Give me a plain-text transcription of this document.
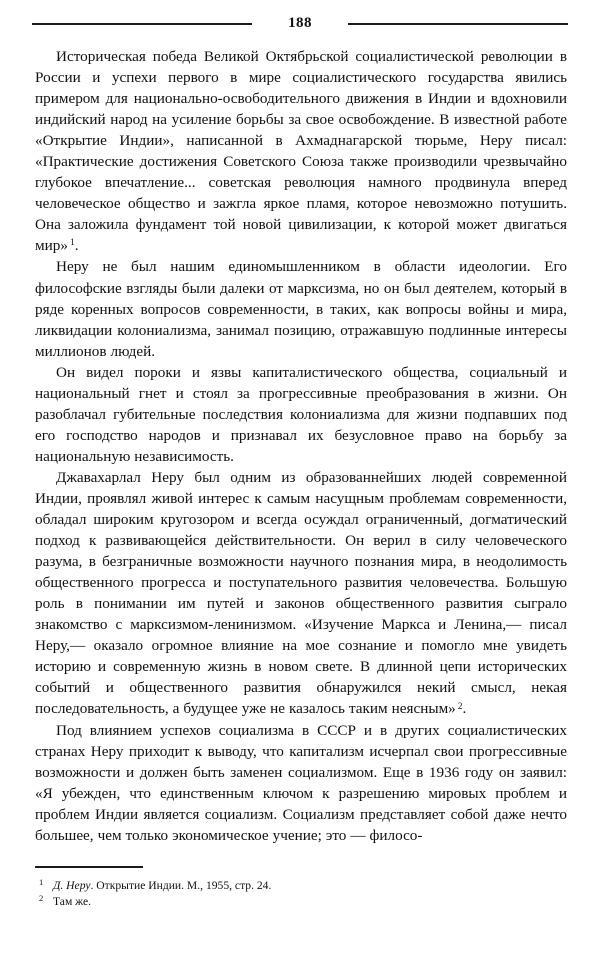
188

Историческая победа Великой Октябрьской социалистической революции в России и успехи первого в мире социалистического государства явились примером для национально-освободительного движения в Индии и вдохновили индийский народ на усиление борьбы за свое освобождение. В известной работе «Открытие Индии», написанной в Ахмаднагарской тюрьме, Неру писал: «Практические достижения Советского Союза также производили чрезвычайно глубокое впечатление... советская революция намного продвинула вперед человеческое общество и зажгла яркое пламя, которое невозможно потушить. Она заложила фундамент той новой цивилизации, к которой может двигаться мир» $^1$.

Неру не был нашим единомышленником в области идеологии. Его философские взгляды были далеки от марксизма, но он был деятелем, который в ряде коренных вопросов современности, в таких, как вопросы войны и мира, ликвидации колониализма, занимал позицию, отражавшую подлинные интересы миллионов людей.

Он видел пороки и язвы капиталистического общества, социальный и национальный гнет и стоял за прогрессивные преобразования в жизни. Он разоблачал губительные последствия колониализма для жизни подпавших под его господство народов и признавал их безусловное право на борьбу за национальную независимость.

Джавахарлал Неру был одним из образованнейших людей современной Индии, проявлял живой интерес к самым насущным проблемам современности, обладал широким кругозором и всегда осуждал ограниченный, догматический подход к развивающейся действительности. Он верил в силу человеческого разума, в безграничные возможности научного познания мира, в неодолимость общественного прогресса и поступательного развития человечества. Большую роль в понимании им путей и законов общественного развития сыграло знакомство с марксизмом-ленинизмом. «Изучение Маркса и Ленина,— писал Неру,— оказало огромное влияние на мое сознание и помогло мне увидеть историю и современную жизнь в новом свете. В длинной цепи исторических событий и общественного развития обнаружился некий смысл, некая последовательность, а будущее уже не казалось таким неясным» $^2$.

Под влиянием успехов социализма в СССР и в других социалистических странах Неру приходит к выводу, что капитализм исчерпал свои прогрессивные возможности и должен быть заменен социализмом. Еще в 1936 году он заявил: «Я убежден, что единственным ключом к разрешению мировых проблем и проблем Индии является социализм. Социализм представляет собой даже нечто большее, чем только экономическое учение; это — филосо-

1 Д. Неру. Открытие Индии. М., 1955, стр. 24.

2 Там же.
